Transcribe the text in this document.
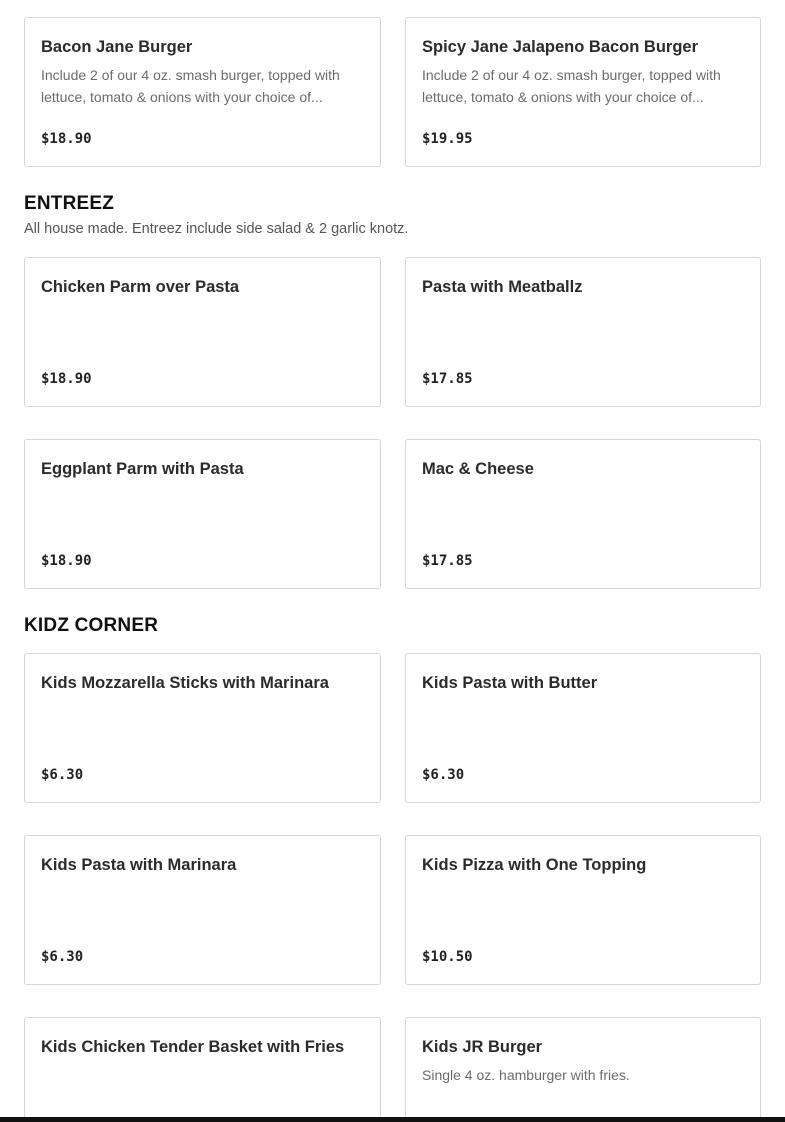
Bacon Jane Burger
Include 2 of our 4 oz. smash burger, topped with lettuce, tomato & onions with your choice of...
$18.90
Spicy Jane Jalapeno Bacon Burger
Include 2 of our 4 oz. smash burger, topped with lettuce, tomato & onions with your choice of...
$19.95
ENTREEZ
All house made. Entreez include side salad & 2 garlic knotz.
Chicken Parm over Pasta
$18.90
Pasta with Meatballz
$17.85
Eggplant Parm with Pasta
$18.90
Mac & Cheese
$17.85
KIDZ CORNER
Kids Mozzarella Sticks with Marinara
$6.30
Kids Pasta with Butter
$6.30
Kids Pasta with Marinara
$6.30
Kids Pizza with One Topping
$10.50
Kids Chicken Tender Basket with Fries	Kids JR Burger
Single 4 oz. hamburger with fries.
